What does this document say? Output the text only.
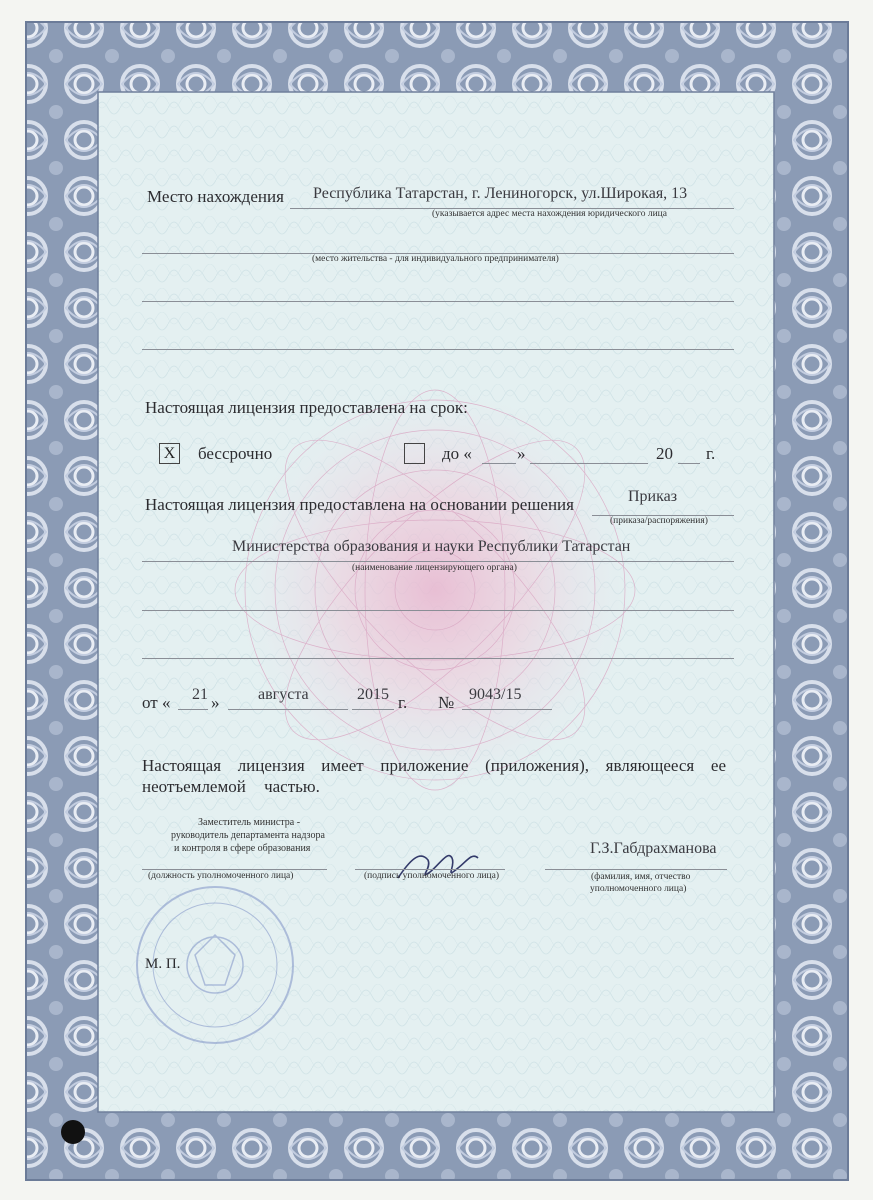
Место нахождения Республика Татарстан, г. Лениногорск, ул.Широкая, 13
(указывается адрес места нахождения юридического лица
(место жительства - для индивидуального предпринимателя)
Настоящая лицензия предоставлена на срок:
X бессрочно	до «	»	20 г.
Настоящая лицензия предоставлена на основании решения	Приказ
(приказа/распоряжения)
Министерства образования и науки Республики Татарстан
(наименование лицензирующего органа)
от « 21 » августа	2015 г. № 9043/15
Настоящая лицензия имеет приложение (приложения), являющееся ее
неотъемлемой частью.
Заместитель министра -
руководитель департамента надзора
и контроля в сфере образования
(должность уполномоченного лица)	(подпись уполномоченного лица)
Г.З.Габдрахманова
(фамилия, имя, отчество
уполномоченного лица)
М. П.
